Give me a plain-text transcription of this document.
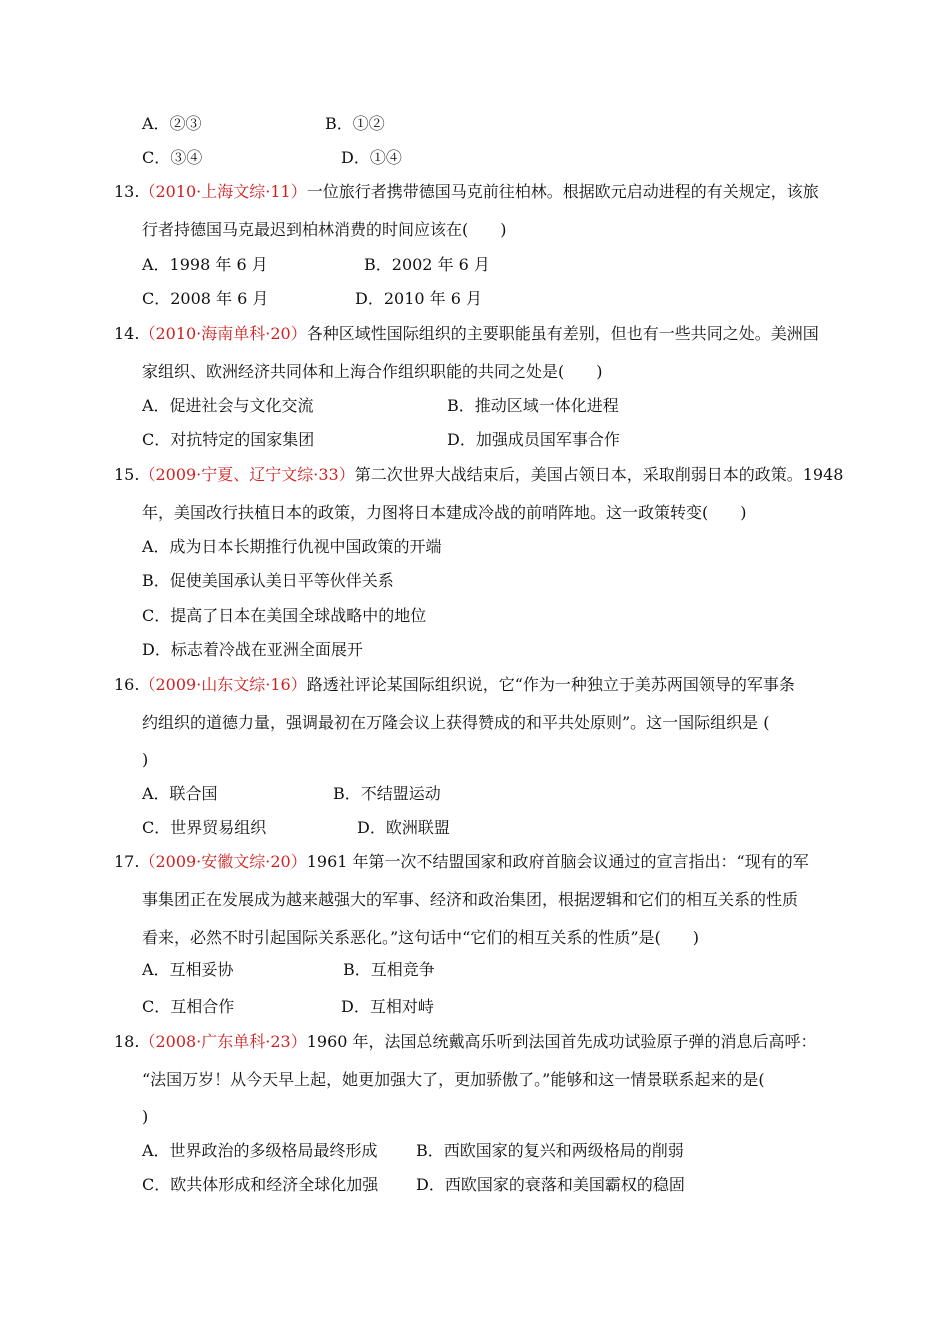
A．②③	B．①②
C．③④	D．①④
13.（2010·上海文综·11）一位旅行者携带德国马克前往柏林。根据欧元启动进程的有关规定，该旅
行者持德国马克最迟到柏林消费的时间应该在(　　)
A．1998 年 6 月	B．2002 年 6 月
C．2008 年 6 月	D．2010 年 6 月
14.（2010·海南单科·20）各种区域性国际组织的主要职能虽有差别，但也有一些共同之处。美洲国
家组织、欧洲经济共同体和上海合作组织职能的共同之处是(　　)
A．促进社会与文化交流	B．推动区域一体化进程
C．对抗特定的国家集团	D．加强成员国军事合作
15.（2009·宁夏、辽宁文综·33）第二次世界大战结束后，美国占领日本，采取削弱日本的政策。1948
年，美国改行扶植日本的政策，力图将日本建成冷战的前哨阵地。这一政策转变(　　)
A．成为日本长期推行仇视中国政策的开端
B．促使美国承认美日平等伙伴关系
C．提高了日本在美国全球战略中的地位
D．标志着冷战在亚洲全面展开
16.（2009·山东文综·16）路透社评论某国际组织说，它“作为一种独立于美苏两国领导的军事条
约组织的道德力量，强调最初在万隆会议上获得赞成的和平共处原则”。这一国际组织是 (
)
A．联合国	B．不结盟运动
C．世界贸易组织	D．欧洲联盟
17.（2009·安徽文综·20）1961 年第一次不结盟国家和政府首脑会议通过的宣言指出：“现有的军
事集团正在发展成为越来越强大的军事、经济和政治集团，根据逻辑和它们的相互关系的性质
看来，必然不时引起国际关系恶化。”这句话中“它们的相互关系的性质”是(　　)
A．互相妥协	B．互相竞争
C．互相合作	D．互相对峙
18.（2008·广东单科·23）1960 年，法国总统戴高乐听到法国首先成功试验原子弹的消息后高呼：
“法国万岁！从今天早上起，她更加强大了，更加骄傲了。”能够和这一情景联系起来的是(
)
A．世界政治的多级格局最终形成 B．西欧国家的复兴和两级格局的削弱
C．欧共体形成和经济全球化加强 D．西欧国家的衰落和美国霸权的稳固
